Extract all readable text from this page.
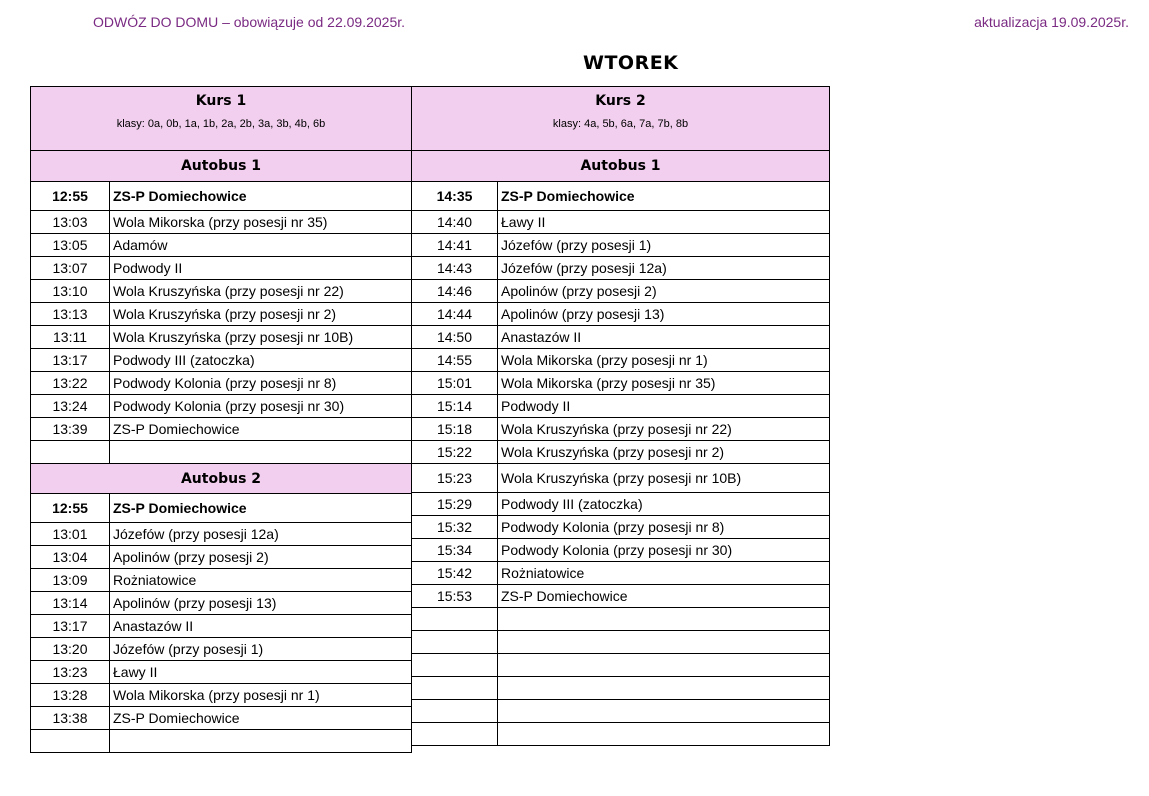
ODWÓZ DO DOMU – obowiązuje od 22.09.2025r.	aktualizacja 19.09.2025r.
WTOREK
Kurs 1
klasy: 0a, 0b, 1a, 1b, 2a, 2b, 3a, 3b, 4b, 6b	

Autobus 1	
12:55	ZS-P Domiechowice
13:03	Wola Mikorska (przy posesji nr 35)
13:05	Adamów
13:07	Podwody II
13:10	Wola Kruszyńska (przy posesji nr 22)
13:13	Wola Kruszyńska (przy posesji nr 2)
13:11	Wola Kruszyńska (przy posesji nr 10B)
13:17	Podwody III (zatoczka)
13:22	Podwody Kolonia (przy posesji nr 8)
13:24	Podwody Kolonia (przy posesji nr 30)
13:39	ZS-P Domiechowice

Autobus 2	
12:55	ZS-P Domiechowice
13:01	Józefów (przy posesji 12a)
13:04	Apolinów (przy posesji 2)
13:09	Rożniatowice
13:14	Apolinów (przy posesji 13)
13:17	Anastazów II
13:20	Józefów (przy posesji 1)
13:23	Ławy II
13:28	Wola Mikorska (przy posesji nr 1)
13:38	ZS-P Domiechowice

Kurs 2
klasy: 4a, 5b, 6a, 7a, 7b, 8b	

Autobus 1	
14:35	ZS-P Domiechowice
14:40	Ławy II
14:41	Józefów (przy posesji 1)
14:43	Józefów (przy posesji 12a)
14:46	Apolinów (przy posesji 2)
14:44	Apolinów (przy posesji 13)
14:50	Anastazów II
14:55	Wola Mikorska (przy posesji nr 1)
15:01	Wola Mikorska (przy posesji nr 35)
15:14	Podwody II
15:18	Wola Kruszyńska (przy posesji nr 22)
15:22	Wola Kruszyńska (przy posesji nr 2)
15:23	Wola Kruszyńska (przy posesji nr 10B)
15:29	Podwody III (zatoczka)
15:32	Podwody Kolonia (przy posesji nr 8)
15:34	Podwody Kolonia (przy posesji nr 30)
15:42	Rożniatowice
15:53	ZS-P Domiechowice
